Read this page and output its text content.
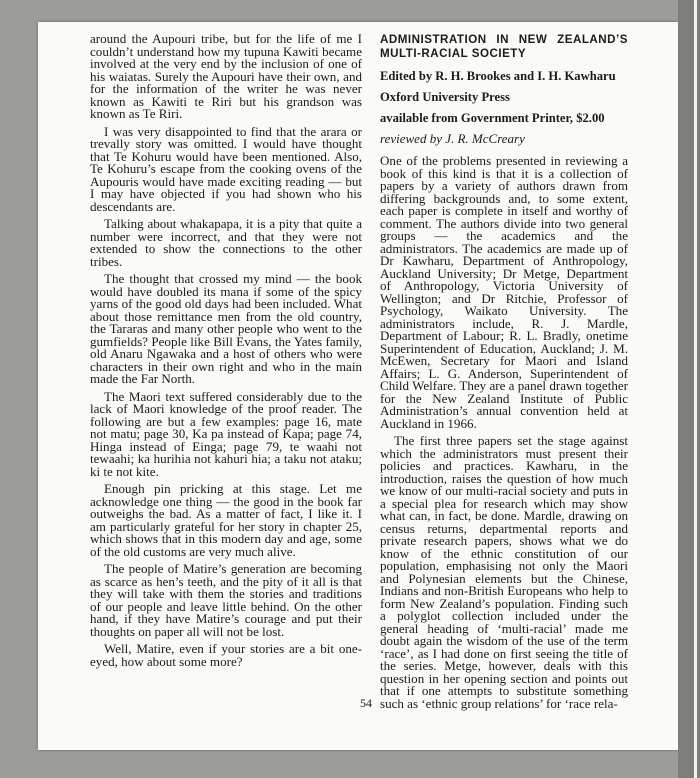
around the Aupouri tribe, but for the life of me I couldn’t understand how my tupuna Kawiti became involved at the very end by the inclusion of one of his waiatas. Surely the Aupouri have their own, and for the information of the writer he was never known as Kawiti te Riri but his grandson was known as Te Riri.

I was very disappointed to find that the arara or trevally story was omitted. I would have thought that Te Kohuru would have been mentioned. Also, Te Kohuru’s escape from the cooking ovens of the Aupouris would have made exciting reading — but I may have objected if you had shown who his descendants are.

Talking about whakapapa, it is a pity that quite a number were incorrect, and that they were not extended to show the connections to the other tribes.

The thought that crossed my mind — the book would have doubled its mana if some of the spicy yarns of the good old days had been included. What about those remittance men from the old country, the Tararas and many other people who went to the gumfields? People like Bill Evans, the Yates family, old Anaru Ngawaka and a host of others who were characters in their own right and who in the main made the Far North.

The Maori text suffered considerably due to the lack of Maori knowledge of the proof reader. The following are but a few examples: page 16, mate not matu; page 30, Ka pa instead of Kapa; page 74, Hinga instead of Einga; page 79, te waahi not tewaahi; ka hurihia not kahuri hia; a taku not ataku; ki te not kite.

Enough pin pricking at this stage. Let me acknowledge one thing — the good in the book far outweighs the bad. As a matter of fact, I like it. I am particularly grateful for her story in chapter 25, which shows that in this modern day and age, some of the old customs are very much alive.

The people of Matire’s generation are becoming as scarce as hen’s teeth, and the pity of it all is that they will take with them the stories and traditions of our people and leave little behind. On the other hand, if they have Matire’s courage and put their thoughts on paper all will not be lost.

Well, Matire, even if your stories are a bit one-eyed, how about some more?

ADMINISTRATION IN NEW ZEALAND’S MULTI-RACIAL SOCIETY
Edited by R. H. Brookes and I. H. Kawharu
Oxford University Press
available from Government Printer, $2.00
reviewed by J. R. McCreary

One of the problems presented in reviewing a book of this kind is that it is a collection of papers by a variety of authors drawn from differing backgrounds and, to some extent, each paper is complete in itself and worthy of comment. The authors divide into two general groups — the academics and the administrators. The academics are made up of Dr Kawharu, Department of Anthropology, Auckland University; Dr Metge, Department of Anthropology, Victoria University of Wellington; and Dr Ritchie, Professor of Psychology, Waikato University. The administrators include, R. J. Mardle, Department of Labour; R. L. Bradly, onetime Superintendent of Education, Auckland; J. M. McEwen, Secretary for Maori and Island Affairs; L. G. Anderson, Superintendent of Child Welfare. They are a panel drawn together for the New Zealand Institute of Public Administration’s annual convention held at Auckland in 1966.

The first three papers set the stage against which the administrators must present their policies and practices. Kawharu, in the introduction, raises the question of how much we know of our multi-racial society and puts in a special plea for research which may show what can, in fact, be done. Mardle, drawing on census returns, departmental reports and private research papers, shows what we do know of the ethnic constitution of our population, emphasising not only the Maori and Polynesian elements but the Chinese, Indians and non-British Europeans who help to form New Zealand’s population. Finding such a polyglot collection included under the general heading of ‘multi-racial’ made me doubt again the wisdom of the use of the term ‘race’, as I had done on first seeing the title of the series. Metge, however, deals with this question in her opening section and points out that if one attempts to substitute something such as ‘ethnic group relations’ for ‘race rela-

54
